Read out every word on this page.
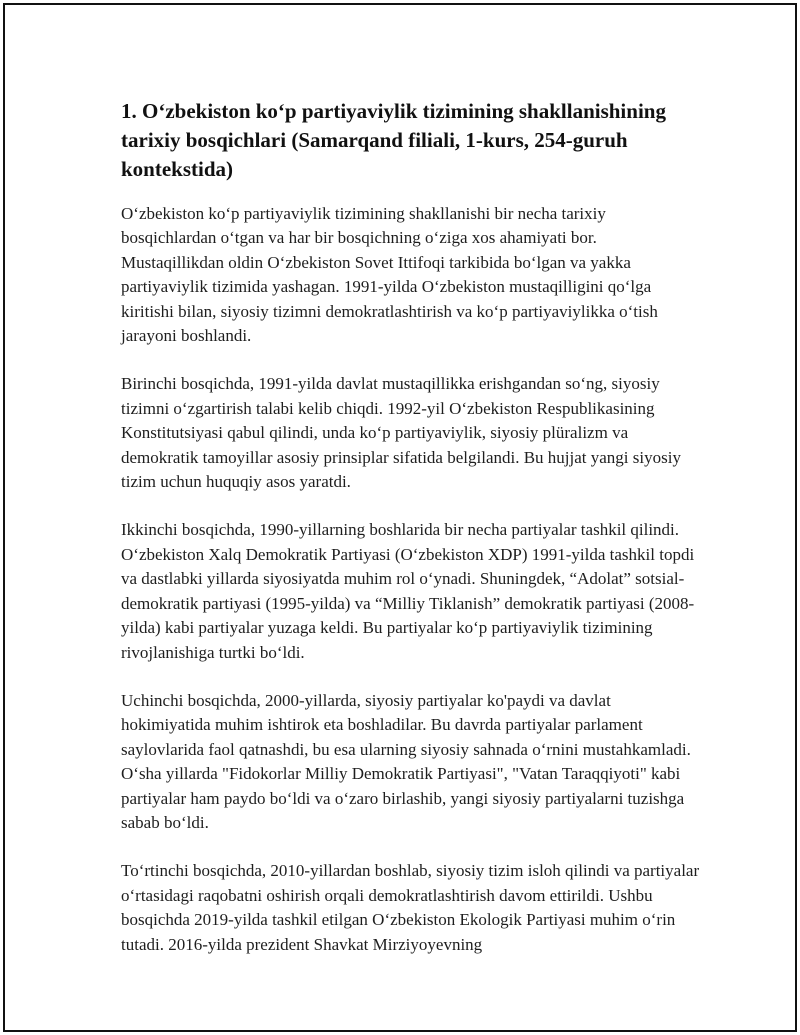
1. O‘zbekiston ko‘p partiyaviylik tizimining shakllanishining tarixiy bosqichlari (Samarqand filiali, 1-kurs, 254-guruh kontekstida)

O‘zbekiston ko‘p partiyaviylik tizimining shakllanishi bir necha tarixiy bosqichlardan o‘tgan va har bir bosqichning o‘ziga xos ahamiyati bor. Mustaqillikdan oldin O‘zbekiston Sovet Ittifoqi tarkibida bo‘lgan va yakka partiyaviylik tizimida yashagan. 1991-yilda O‘zbekiston mustaqilligini qo‘lga kiritishi bilan, siyosiy tizimni demokratlashtirish va ko‘p partiyaviylikka o‘tish jarayoni boshlandi.

Birinchi bosqichda, 1991-yilda davlat mustaqillikka erishgandan so‘ng, siyosiy tizimni o‘zgartirish talabi kelib chiqdi. 1992-yil O‘zbekiston Respublikasining Konstitutsiyasi qabul qilindi, unda ko‘p partiyaviylik, siyosiy plüralizm va demokratik tamoyillar asosiy prinsiplar sifatida belgilandi. Bu hujjat yangi siyosiy tizim uchun huquqiy asos yaratdi.

Ikkinchi bosqichda, 1990-yillarning boshlarida bir necha partiyalar tashkil qilindi. O‘zbekiston Xalq Demokratik Partiyasi (O‘zbekiston XDP) 1991-yilda tashkil topdi va dastlabki yillarda siyosiyatda muhim rol o‘ynadi. Shuningdek, “Adolat” sotsial-demokratik partiyasi (1995-yilda) va “Milliy Tiklanish” demokratik partiyasi (2008-yilda) kabi partiyalar yuzaga keldi. Bu partiyalar ko‘p partiyaviylik tizimining rivojlanishiga turtki bo‘ldi.

Uchinchi bosqichda, 2000-yillarda, siyosiy partiyalar ko'paydi va davlat hokimiyatida muhim ishtirok eta boshladilar. Bu davrda partiyalar parlament saylovlarida faol qatnashdi, bu esa ularning siyosiy sahnada o‘rnini mustahkamladi. O‘sha yillarda "Fidokorlar Milliy Demokratik Partiyasi", "Vatan Taraqqiyoti" kabi partiyalar ham paydo bo‘ldi va o‘zaro birlashib, yangi siyosiy partiyalarni tuzishga sabab bo‘ldi.

To‘rtinchi bosqichda, 2010-yillardan boshlab, siyosiy tizim isloh qilindi va partiyalar o‘rtasidagi raqobatni oshirish orqali demokratlashtirish davom ettirildi. Ushbu bosqichda 2019-yilda tashkil etilgan O‘zbekiston Ekologik Partiyasi muhim o‘rin tutadi. 2016-yilda prezident Shavkat Mirziyoyevning
